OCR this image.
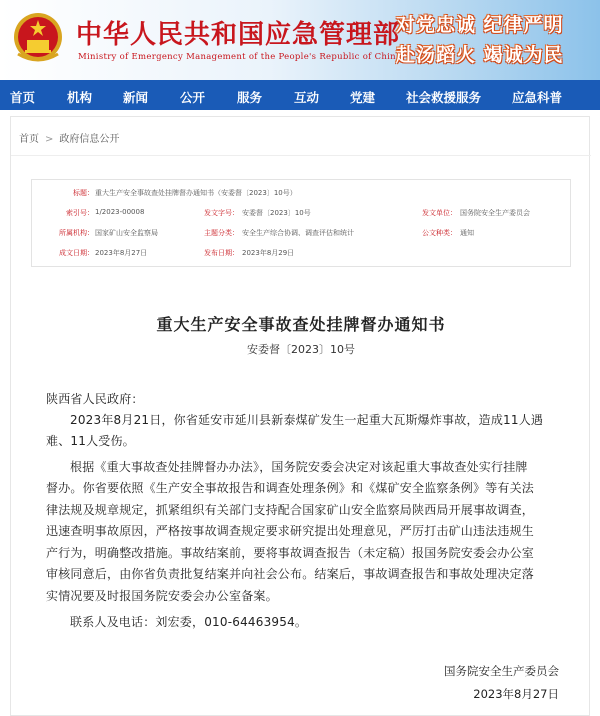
中华人民共和国应急管理部
Ministry of Emergency Management of the People's Republic of China
对党忠诚 纪律严明
赴汤蹈火 竭诚为民
首页	机构 新闻	公开	服务	互动 党建 社会救援服务 应急科普
首页 > 政府信息公开
标题： 重大生产安全事故查处挂牌督办通知书（安委督〔2023〕10号）
索引号： 1/2023-00008	发文字号： 安委督〔2023〕10号	发文单位： 国务院安全生产委员会
所属机构： 国家矿山安全监察局	主题分类： 安全生产综合协调、调查评估和统计	公文种类： 通知
成文日期： 2023年8月27日	发布日期： 2023年8月29日
重大生产安全事故查处挂牌督办通知书
安委督〔2023〕10号
陕西省人民政府：
2023年8月21日，你省延安市延川县新泰煤矿发生一起重大瓦斯爆炸事故，造成11人遇
难、11人受伤。
根据《重大事故查处挂牌督办办法》，国务院安委会决定对该起重大事故查处实行挂牌
督办。你省要依照《生产安全事故报告和调查处理条例》和《煤矿安全监察条例》等有关法
律法规及规章规定，抓紧组织有关部门支持配合国家矿山安全监察局陕西局开展事故调查，
迅速查明事故原因，严格按事故调查规定要求研究提出处理意见，严厉打击矿山违法违规生
产行为，明确整改措施。事故结案前，要将事故调查报告（未定稿）报国务院安委会办公室
审核同意后，由你省负责批复结案并向社会公布。结案后，事故调查报告和事故处理决定落
实情况要及时报国务院安委会办公室备案。
联系人及电话：刘宏委，010-64463954。
国务院安全生产委员会
2023年8月27日
